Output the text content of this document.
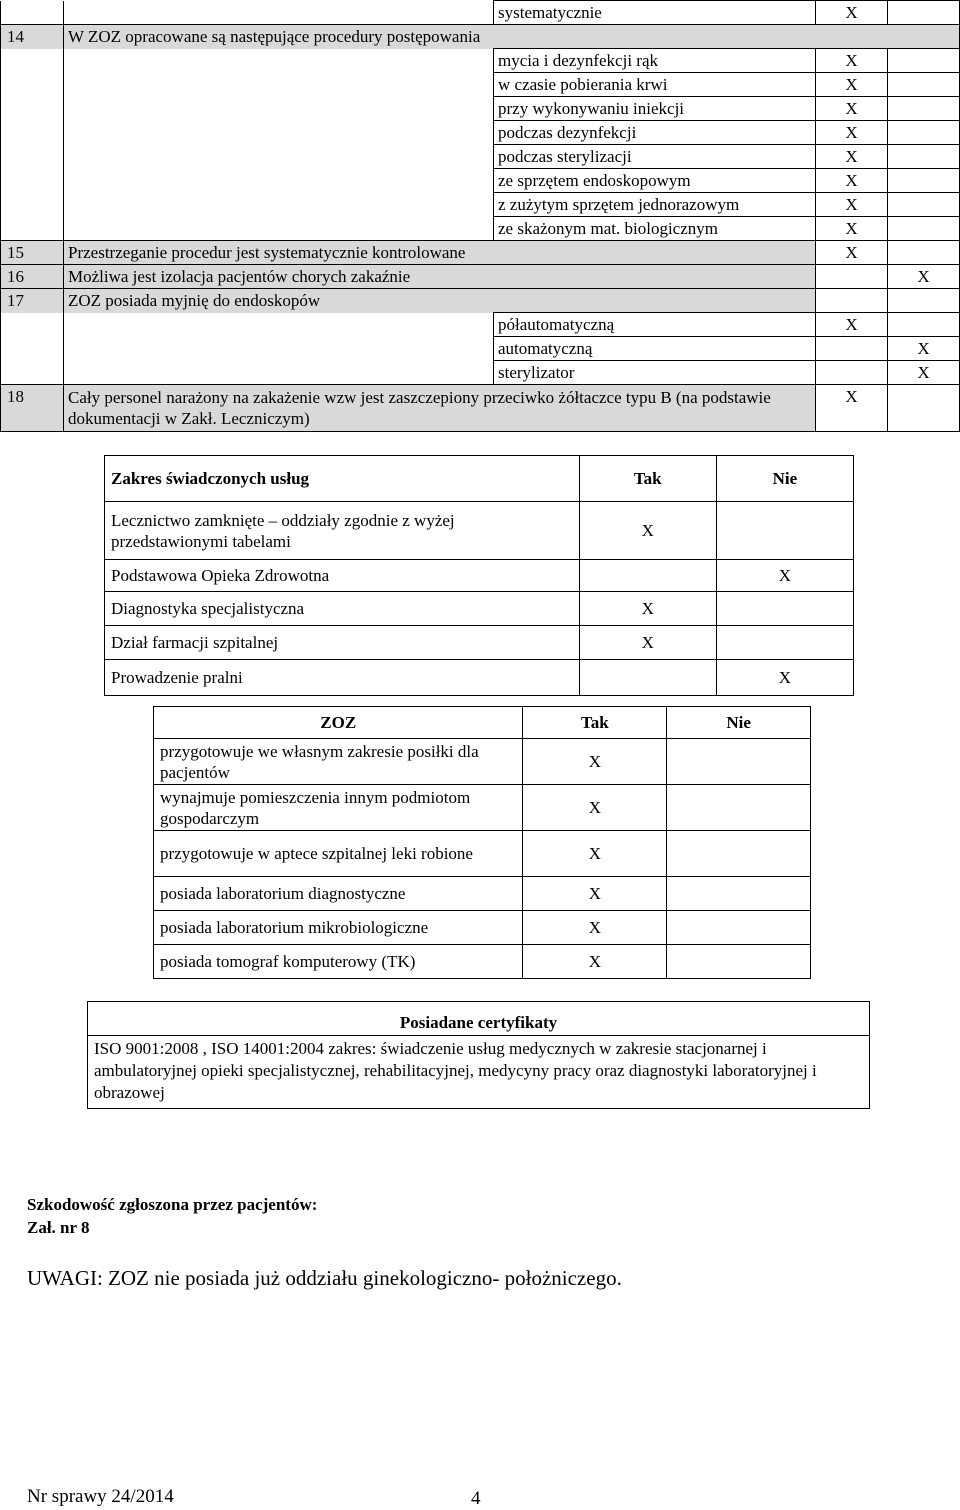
		systematycznie	X	
14	W ZOZ opracowane są następujące procedury postępowania			
		mycia i dezynfekcji rąk	X	
		w czasie pobierania krwi	X	
		przy wykonywaniu iniekcji	X	
		podczas dezynfekcji	X	
		podczas sterylizacji	X	
		ze sprzętem endoskopowym	X	
		z zużytym sprzętem jednorazowym	X	
		ze skażonym mat. biologicznym	X	
15	Przestrzeganie procedur jest systematycznie kontrolowane		X	
16	Możliwa jest izolacja pacjentów chorych zakaźnie			X
17	ZOZ posiada myjnię do endoskopów			
		półautomatyczną	X	
		automatyczną		X
		sterylizator		X
18	Cały personel narażony na zakażenie wzw jest zaszczepiony przeciwko żółtaczce typu B (na podstawie dokumentacji w Zakł. Leczniczym)		X	
Zakres świadczonych usług	Tak	Nie
Lecznictwo zamknięte – oddziały zgodnie z wyżej przedstawionymi tabelami	X	
Podstawowa Opieka Zdrowotna		X
Diagnostyka specjalistyczna	X	
Dział farmacji szpitalnej	X	
Prowadzenie pralni		X
ZOZ	Tak	Nie
przygotowuje we własnym zakresie posiłki dla pacjentów	X	
wynajmuje pomieszczenia innym podmiotom gospodarczym	X	
przygotowuje w aptece szpitalnej leki robione	X	
posiada laboratorium diagnostyczne	X	
posiada laboratorium mikrobiologiczne	X	
posiada tomograf komputerowy (TK)	X	
Posiadane certyfikaty
ISO 9001:2008 , ISO 14001:2004 zakres: świadczenie usług medycznych w zakresie stacjonarnej i ambulatoryjnej opieki specjalistycznej, rehabilitacyjnej, medycyny pracy oraz diagnostyki laboratoryjnej i obrazowej
Szkodowość zgłoszona przez pacjentów:
Zał. nr 8
UWAGI: ZOZ nie posiada już oddziału ginekologiczno- położniczego.
Nr sprawy 24/2014	4
